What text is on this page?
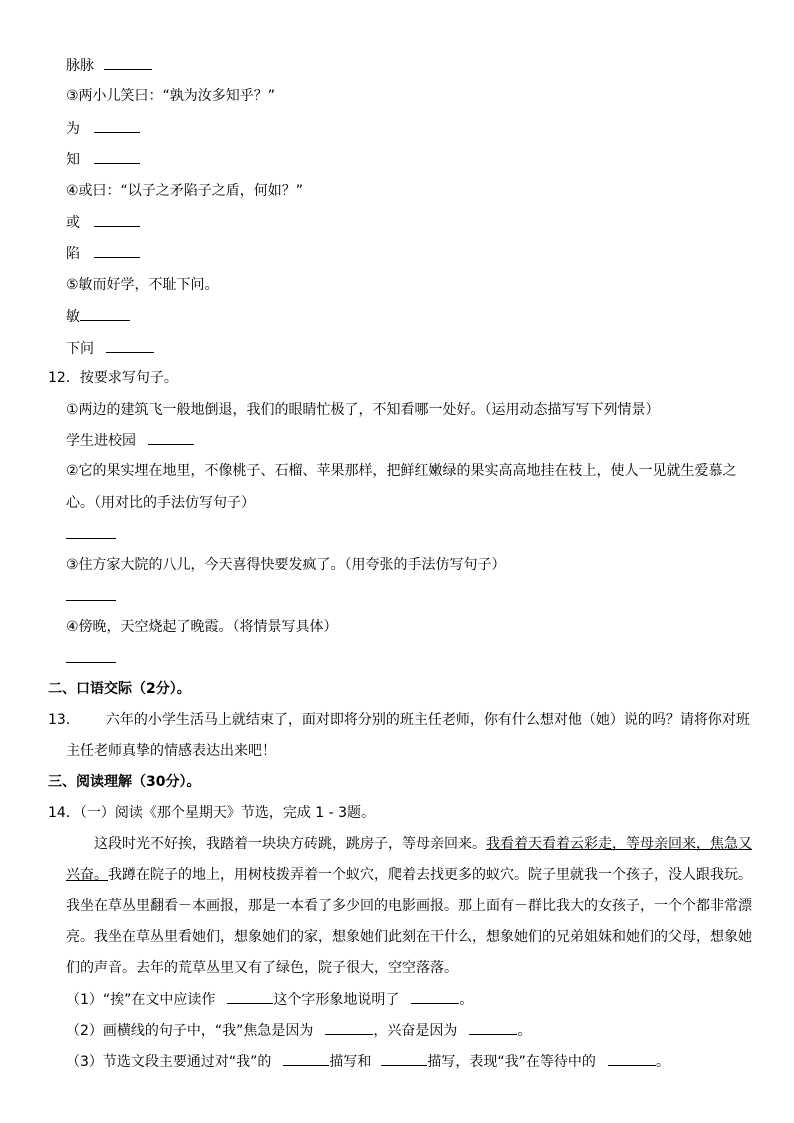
脉脉
③两小儿笑曰：“孰为汝多知乎？”
为
知
④或曰：“以子之矛陷子之盾，何如？”
或
陷
⑤敏而好学，不耻下问。
敏
下问
12．按要求写句子。
①两边的建筑飞一般地倒退，我们的眼睛忙极了，不知看哪一处好。（运用动态描写写下列情景）
学生进校园
②它的果实埋在地里，不像桃子、石榴、苹果那样，把鲜红嫩绿的果实高高地挂在枝上，使人一见就生爱慕之
心。（用对比的手法仿写句子）
③住方家大院的八儿，今天喜得快要发疯了。（用夸张的手法仿写句子）
④傍晚，天空烧起了晚霞。（将情景写具体）
二、口语交际（2分）。
13． 六年的小学生活马上就结束了，面对即将分别的班主任老师，你有什么想对他（她）说的吗？请将你对班
主任老师真挚的情感表达出来吧！
三、阅读理解（30分）。
14．（一）阅读《那个星期天》节选，完成 1 - 3题。
这段时光不好挨，我踏着一块块方砖跳，跳房子，等母亲回来。我看着天看着云彩走，等母亲回来，焦急又
兴奋。我蹲在院子的地上，用树枝拨弄着一个蚁穴，爬着去找更多的蚁穴。院子里就我一个孩子，没人跟我玩。
我坐在草丛里翻看－本画报，那是一本看了多少回的电影画报。那上面有－群比我大的女孩子，一个个都非常漂
亮。我坐在草丛里看她们，想象她们的家，想象她们此刻在干什么，想象她们的兄弟姐妹和她们的父母，想象她
们的声音。去年的荒草丛里又有了绿色，院子很大，空空落落。
（1）“挨”在文中应读作	这个字形象地说明了	。
（2）画横线的句子中，“我”焦急是因为	，兴奋是因为	。
（3）节选文段主要通过对“我”的	描写和	描写，表现“我”在等待中的	。
